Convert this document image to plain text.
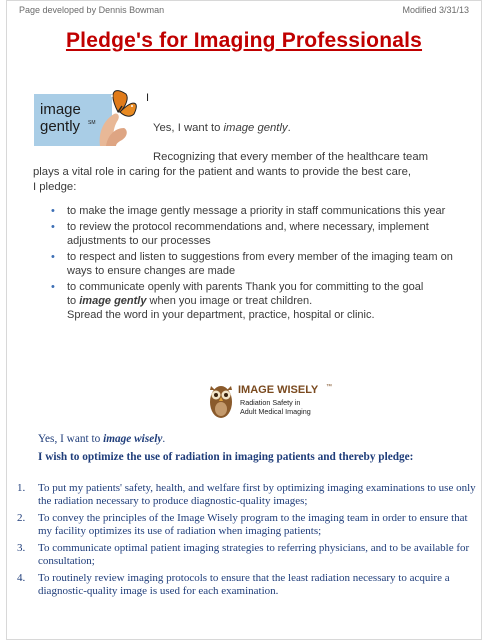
Page developed by Dennis Bowman	Modified 3/31/13
Pledge's for Imaging Professionals
image
gently SM
I
Yes, I want to image gently.
Recognizing that every member of the healthcare team
plays a vital role in caring for the patient and wants to provide the best care,
I pledge:
• to make the image gently message a priority in staff communications this year
• to review the protocol recommendations and, where necessary, implement adjustments to our processes
• to respect and listen to suggestions from every member of the imaging team on ways to ensure changes are made
• to communicate openly with parents Thank you for committing to the goal
to image gently when you image or treat children.
Spread the word in your department, practice, hospital or clinic.
IMAGE WISELY ™
Radiation Safety in
Adult Medical Imaging
Yes, I want to image wisely.
I wish to optimize the use of radiation in imaging patients and thereby pledge:
1. To put my patients' safety, health, and welfare first by optimizing imaging examinations to use only the radiation necessary to produce diagnostic-quality images;
2. To convey the principles of the Image Wisely program to the imaging team in order to ensure that my facility optimizes its use of radiation when imaging patients;
3. To communicate optimal patient imaging strategies to referring physicians, and to be available for consultation;
4. To routinely review imaging protocols to ensure that the least radiation necessary to acquire a diagnostic-quality image is used for each examination.
